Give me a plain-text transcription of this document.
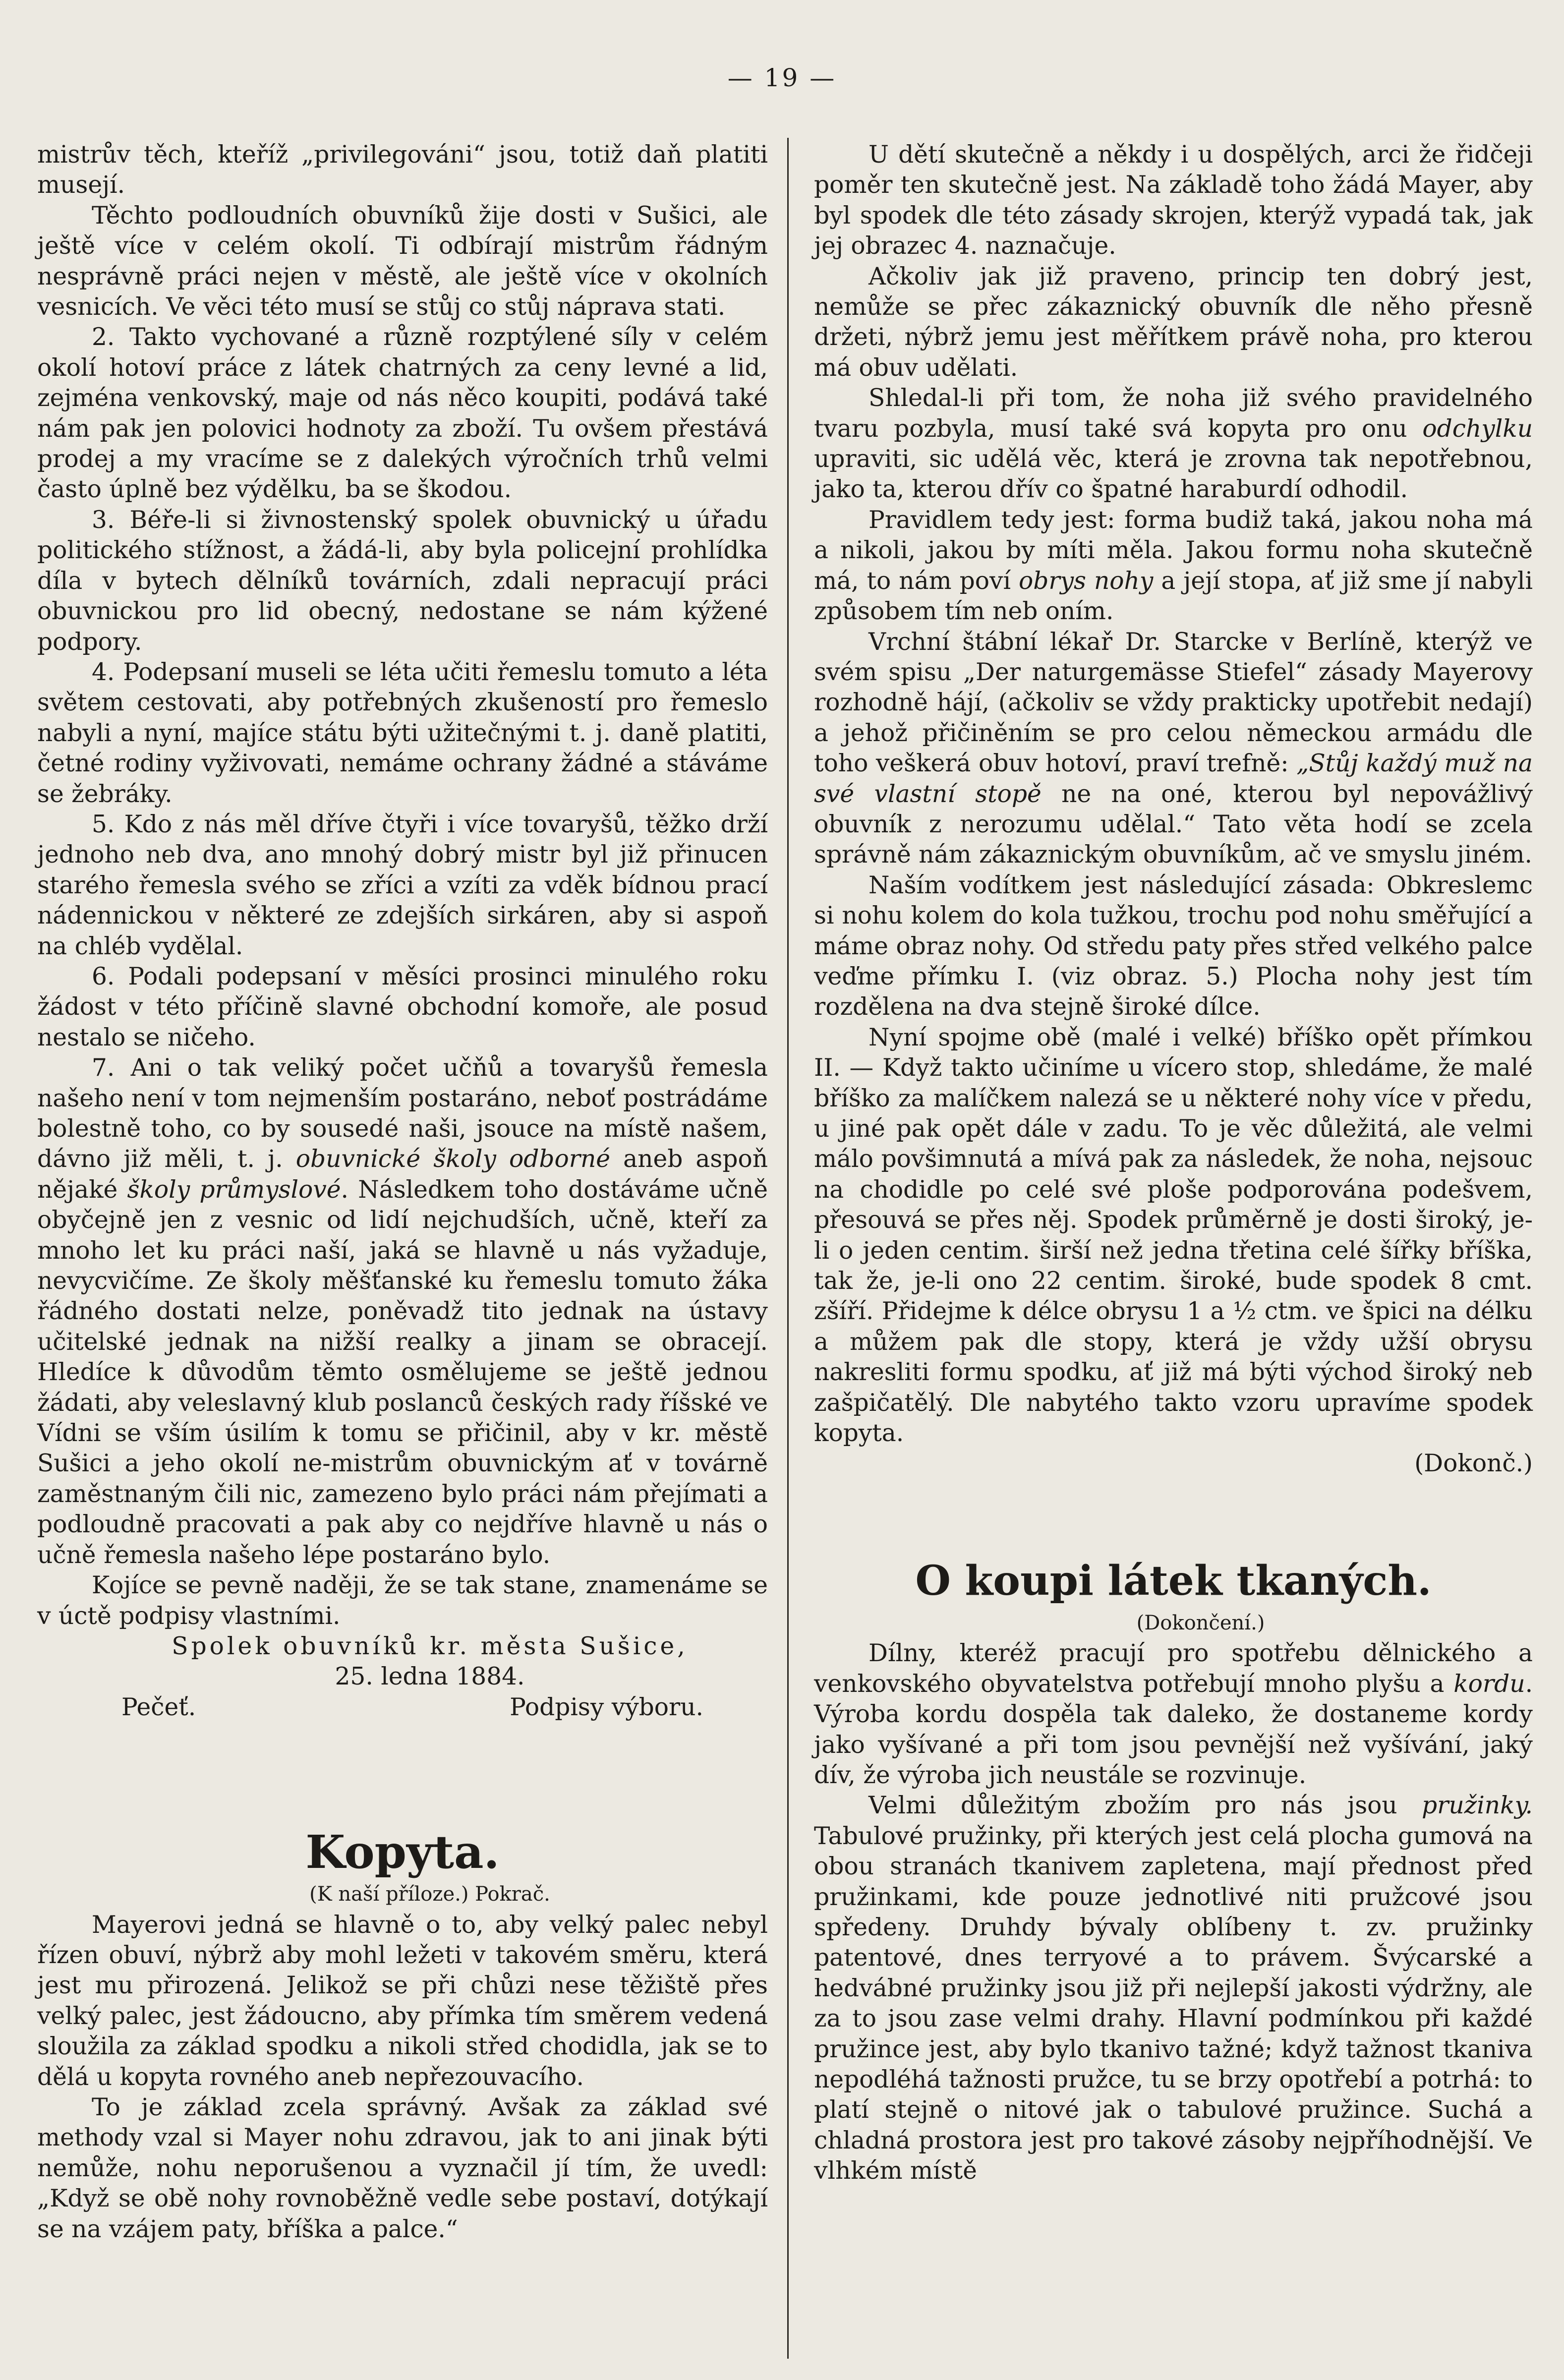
— 19 —

mistrův těch, kteříž „privilegováni“ jsou, totiž daň platiti musejí.

Těchto podloudních obuvníků žije dosti v Sušici, ale ještě více v celém okolí. Ti odbírají mistrům řádným nesprávně práci nejen v městě, ale ještě více v okolních vesnicích. Ve věci této musí se stůj co stůj náprava stati.

2. Takto vychované a různě rozptýlené síly v celém okolí hotoví práce z látek chatrných za ceny levné a lid, zejména venkovský, maje od nás něco koupiti, podává také nám pak jen polovici hodnoty za zboží. Tu ovšem přestává prodej a my vracíme se z dalekých výročních trhů velmi často úplně bez výdělku, ba se škodou.

3. Béře-li si živnostenský spolek obuvnický u úřadu politického stížnost, a žádá-li, aby byla policejní prohlídka díla v bytech dělníků továrních, zdali nepracují práci obuvnickou pro lid obecný, nedostane se nám kýžené podpory.

4. Podepsaní museli se léta učiti řemeslu tomuto a léta světem cestovati, aby potřebných zkušeností pro řemeslo nabyli a nyní, majíce státu býti užitečnými t. j. daně platiti, četné rodiny vyživovati, nemáme ochrany žádné a stáváme se žebráky.

5. Kdo z nás měl dříve čtyři i více tovaryšů, těžko drží jednoho neb dva, ano mnohý dobrý mistr byl již přinucen starého řemesla svého se zříci a vzíti za vděk bídnou prací nádennickou v některé ze zdejších sirkáren, aby si aspoň na chléb vydělal.

6. Podali podepsaní v měsíci prosinci minulého roku žádost v této příčině slavné obchodní komoře, ale posud nestalo se ničeho.

7. Ani o tak veliký počet učňů a tovaryšů řemesla našeho není v tom nejmenším postaráno, neboť postrádáme bolestně toho, co by sousedé naši, jsouce na místě našem, dávno již měli, t. j. obuvnické školy odborné aneb aspoň nějaké školy průmyslové. Následkem toho dostáváme učně obyčejně jen z vesnic od lidí nejchudších, učně, kteří za mnoho let ku práci naší, jaká se hlavně u nás vyžaduje, nevycvičíme. Ze školy měšťanské ku řemeslu tomuto žáka řádného dostati nelze, poněvadž tito jednak na ústavy učitelské jednak na nižší realky a jinam se obracejí. Hledíce k důvodům těmto osmělujeme se ještě jednou žádati, aby veleslavný klub poslanců českých rady říšské ve Vídni se vším úsilím k tomu se přičinil, aby v kr. městě Sušici a jeho okolí ne-mistrům obuvnickým ať v továrně zaměstnaným čili nic, zamezeno bylo práci nám přejímati a podloudně pracovati a pak aby co nejdříve hlavně u nás o učně řemesla našeho lépe postaráno bylo.

Kojíce se pevně naději, že se tak stane, znamenáme se v úctě podpisy vlastními.

Spolek obuvníků kr. města Sušice,

25. ledna 1884.

Pečeť.	Podpisy výboru.
Kopyta.

(K naší příloze.) Pokrač.

Mayerovi jedná se hlavně o to, aby velký palec nebyl řízen obuví, nýbrž aby mohl ležeti v takovém směru, která jest mu přirozená. Jelikož se při chůzi nese těžiště přes velký palec, jest žádoucno, aby přímka tím směrem vedená sloužila za základ spodku a nikoli střed chodidla, jak se to dělá u kopyta rovného aneb nepřezouvacího.

To je základ zcela správný. Avšak za základ své methody vzal si Mayer nohu zdravou, jak to ani jinak býti nemůže, nohu neporušenou a vyznačil jí tím, že uvedl: „Když se obě nohy rovnoběžně vedle sebe postaví, dotýkají se na vzájem paty, bříška a palce.“

U dětí skutečně a někdy i u dospělých, arci že řidčeji poměr ten skutečně jest. Na základě toho žádá Mayer, aby byl spodek dle této zásady skrojen, kterýž vypadá tak, jak jej obrazec 4. naznačuje.

Ačkoliv jak již praveno, princip ten dobrý jest, nemůže se přec zákaznický obuvník dle něho přesně držeti, nýbrž jemu jest měřítkem právě noha, pro kterou má obuv udělati.

Shledal-li při tom, že noha již svého pravidelného tvaru pozbyla, musí také svá kopyta pro onu odchylku upraviti, sic udělá věc, která je zrovna tak nepotřebnou, jako ta, kterou dřív co špatné haraburdí odhodil.

Pravidlem tedy jest: forma budiž taká, jakou noha má a nikoli, jakou by míti měla. Jakou formu noha skutečně má, to nám poví obrys nohy a její stopa, ať již sme jí nabyli způsobem tím neb oním.

Vrchní štábní lékař Dr. Starcke v Berlíně, kterýž ve svém spisu „Der naturgemässe Stiefel“ zásady Mayerovy rozhodně hájí, (ačkoliv se vždy prakticky upotřebit nedají) a jehož přičiněním se pro celou německou armádu dle toho veškerá obuv hotoví, praví trefně: „Stůj každý muž na své vlastní stopě ne na oné, kterou byl nepovážlivý obuvník z nerozumu udělal.“ Tato věta hodí se zcela správně nám zákaznickým obuvníkům, ač ve smyslu jiném.

Naším vodítkem jest následující zásada: Obkreslemc si nohu kolem do kola tužkou, trochu pod nohu směřující a máme obraz nohy. Od středu paty přes střed velkého palce veďme přímku I. (viz obraz. 5.) Plocha nohy jest tím rozdělena na dva stejně široké dílce.

Nyní spojme obě (malé i velké) bříško opět přímkou II. — Když takto učiníme u vícero stop, shledáme, že malé bříško za malíčkem nalezá se u některé nohy více v předu, u jiné pak opět dále v zadu. To je věc důležitá, ale velmi málo povšimnutá a mívá pak za následek, že noha, nejsouc na chodidle po celé své ploše podporována podešvem, přesouvá se přes něj. Spodek průměrně je dosti široký, je-li o jeden centim. širší než jedna třetina celé šířky bříška, tak že, je-li ono 22 centim. široké, bude spodek 8 cmt. zšíří. Přidejme k délce obrysu 1 a ½ ctm. ve špici na délku a můžem pak dle stopy, která je vždy užší obrysu nakresliti formu spodku, ať již má býti východ široký neb zašpičatělý. Dle nabytého takto vzoru upravíme spodek kopyta.

(Dokonč.)

O koupi látek tkaných.

(Dokončení.)

Dílny, kteréž pracují pro spotřebu dělnického a venkovského obyvatelstva potřebují mnoho plyšu a kordu. Výroba kordu dospěla tak daleko, že dostaneme kordy jako vyšívané a při tom jsou pevnější než vyšívání, jaký dív, že výroba jich neustále se rozvinuje.

Velmi důležitým zbožím pro nás jsou pružinky. Tabulové pružinky, při kterých jest celá plocha gumová na obou stranách tkanivem zapletena, mají přednost před pružinkami, kde pouze jednotlivé niti pružcové jsou spředeny. Druhdy bývaly oblíbeny t. zv. pružinky patentové, dnes terryové a to právem. Švýcarské a hedvábné pružinky jsou již při nejlepší jakosti výdržny, ale za to jsou zase velmi drahy. Hlavní podmínkou při každé pružince jest, aby bylo tkanivo tažné; když tažnost tkaniva nepodléhá tažnosti pružce, tu se brzy opotřebí a potrhá: to platí stejně o nitové jak o tabulové pružince. Suchá a chladná prostora jest pro takové zásoby nejpříhodnější. Ve vlhkém místě
